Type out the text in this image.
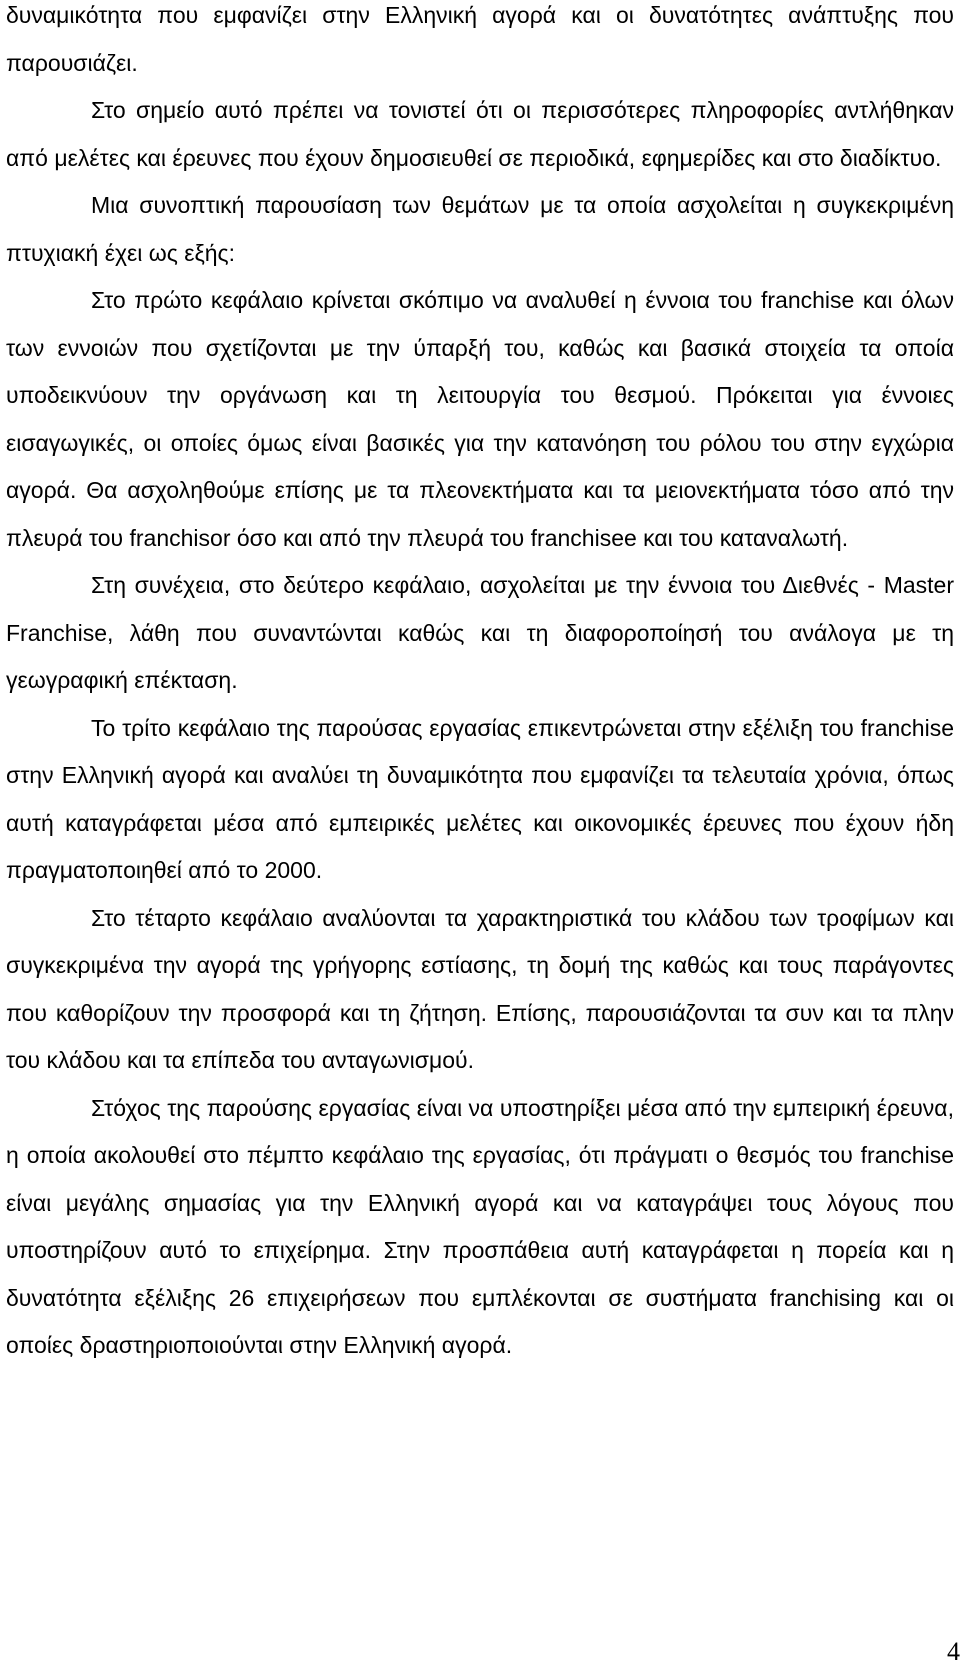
δυναμικότητα που εμφανίζει στην Ελληνική αγορά και οι δυνατότητες ανάπτυξης που παρουσιάζει.

Στο σημείο αυτό πρέπει να τονιστεί ότι οι περισσότερες πληροφορίες αντλήθηκαν από μελέτες και έρευνες που έχουν δημοσιευθεί σε περιοδικά, εφημερίδες και στο διαδίκτυο.

Μια συνοπτική παρουσίαση των θεμάτων με τα οποία ασχολείται η συγκεκριμένη πτυχιακή έχει ως εξής:

Στο πρώτο κεφάλαιο κρίνεται σκόπιμο να αναλυθεί η έννοια του franchise και όλων των εννοιών που σχετίζονται με την ύπαρξή του, καθώς και βασικά στοιχεία τα οποία υποδεικνύουν την οργάνωση και τη λειτουργία του θεσμού. Πρόκειται για έννοιες εισαγωγικές, οι οποίες όμως είναι βασικές για την κατανόηση του ρόλου του στην εγχώρια αγορά. Θα ασχοληθούμε επίσης με τα πλεονεκτήματα και τα μειονεκτήματα τόσο από την πλευρά του franchisor όσο και από την πλευρά του franchisee και του καταναλωτή.

Στη συνέχεια, στο δεύτερο κεφάλαιο, ασχολείται με την έννοια του Διεθνές - Master Franchise, λάθη που συναντώνται καθώς και τη διαφοροποίησή του ανάλογα με τη γεωγραφική επέκταση.

Το τρίτο κεφάλαιο της παρούσας εργασίας επικεντρώνεται στην εξέλιξη του franchise στην Ελληνική αγορά και αναλύει τη δυναμικότητα που εμφανίζει τα τελευταία χρόνια, όπως αυτή καταγράφεται μέσα από εμπειρικές μελέτες και οικονομικές έρευνες που έχουν ήδη πραγματοποιηθεί από το 2000.

Στο τέταρτο κεφάλαιο αναλύονται τα χαρακτηριστικά του κλάδου των τροφίμων και συγκεκριμένα την αγορά της γρήγορης εστίασης, τη δομή της καθώς και τους παράγοντες που καθορίζουν την προσφορά και τη ζήτηση. Επίσης, παρουσιάζονται τα συν και τα πλην του κλάδου και τα επίπεδα του ανταγωνισμού.

Στόχος της παρούσης εργασίας είναι να υποστηρίξει μέσα από την εμπειρική έρευνα, η οποία ακολουθεί στο πέμπτο κεφάλαιο της εργασίας, ότι πράγματι ο θεσμός του franchise είναι μεγάλης σημασίας για την Ελληνική αγορά και να καταγράψει τους λόγους που υποστηρίζουν αυτό το επιχείρημα. Στην προσπάθεια αυτή καταγράφεται η πορεία και η δυνατότητα εξέλιξης 26 επιχειρήσεων που εμπλέκονται σε συστήματα franchising και οι οποίες δραστηριοποιούνται στην Ελληνική αγορά.

4
